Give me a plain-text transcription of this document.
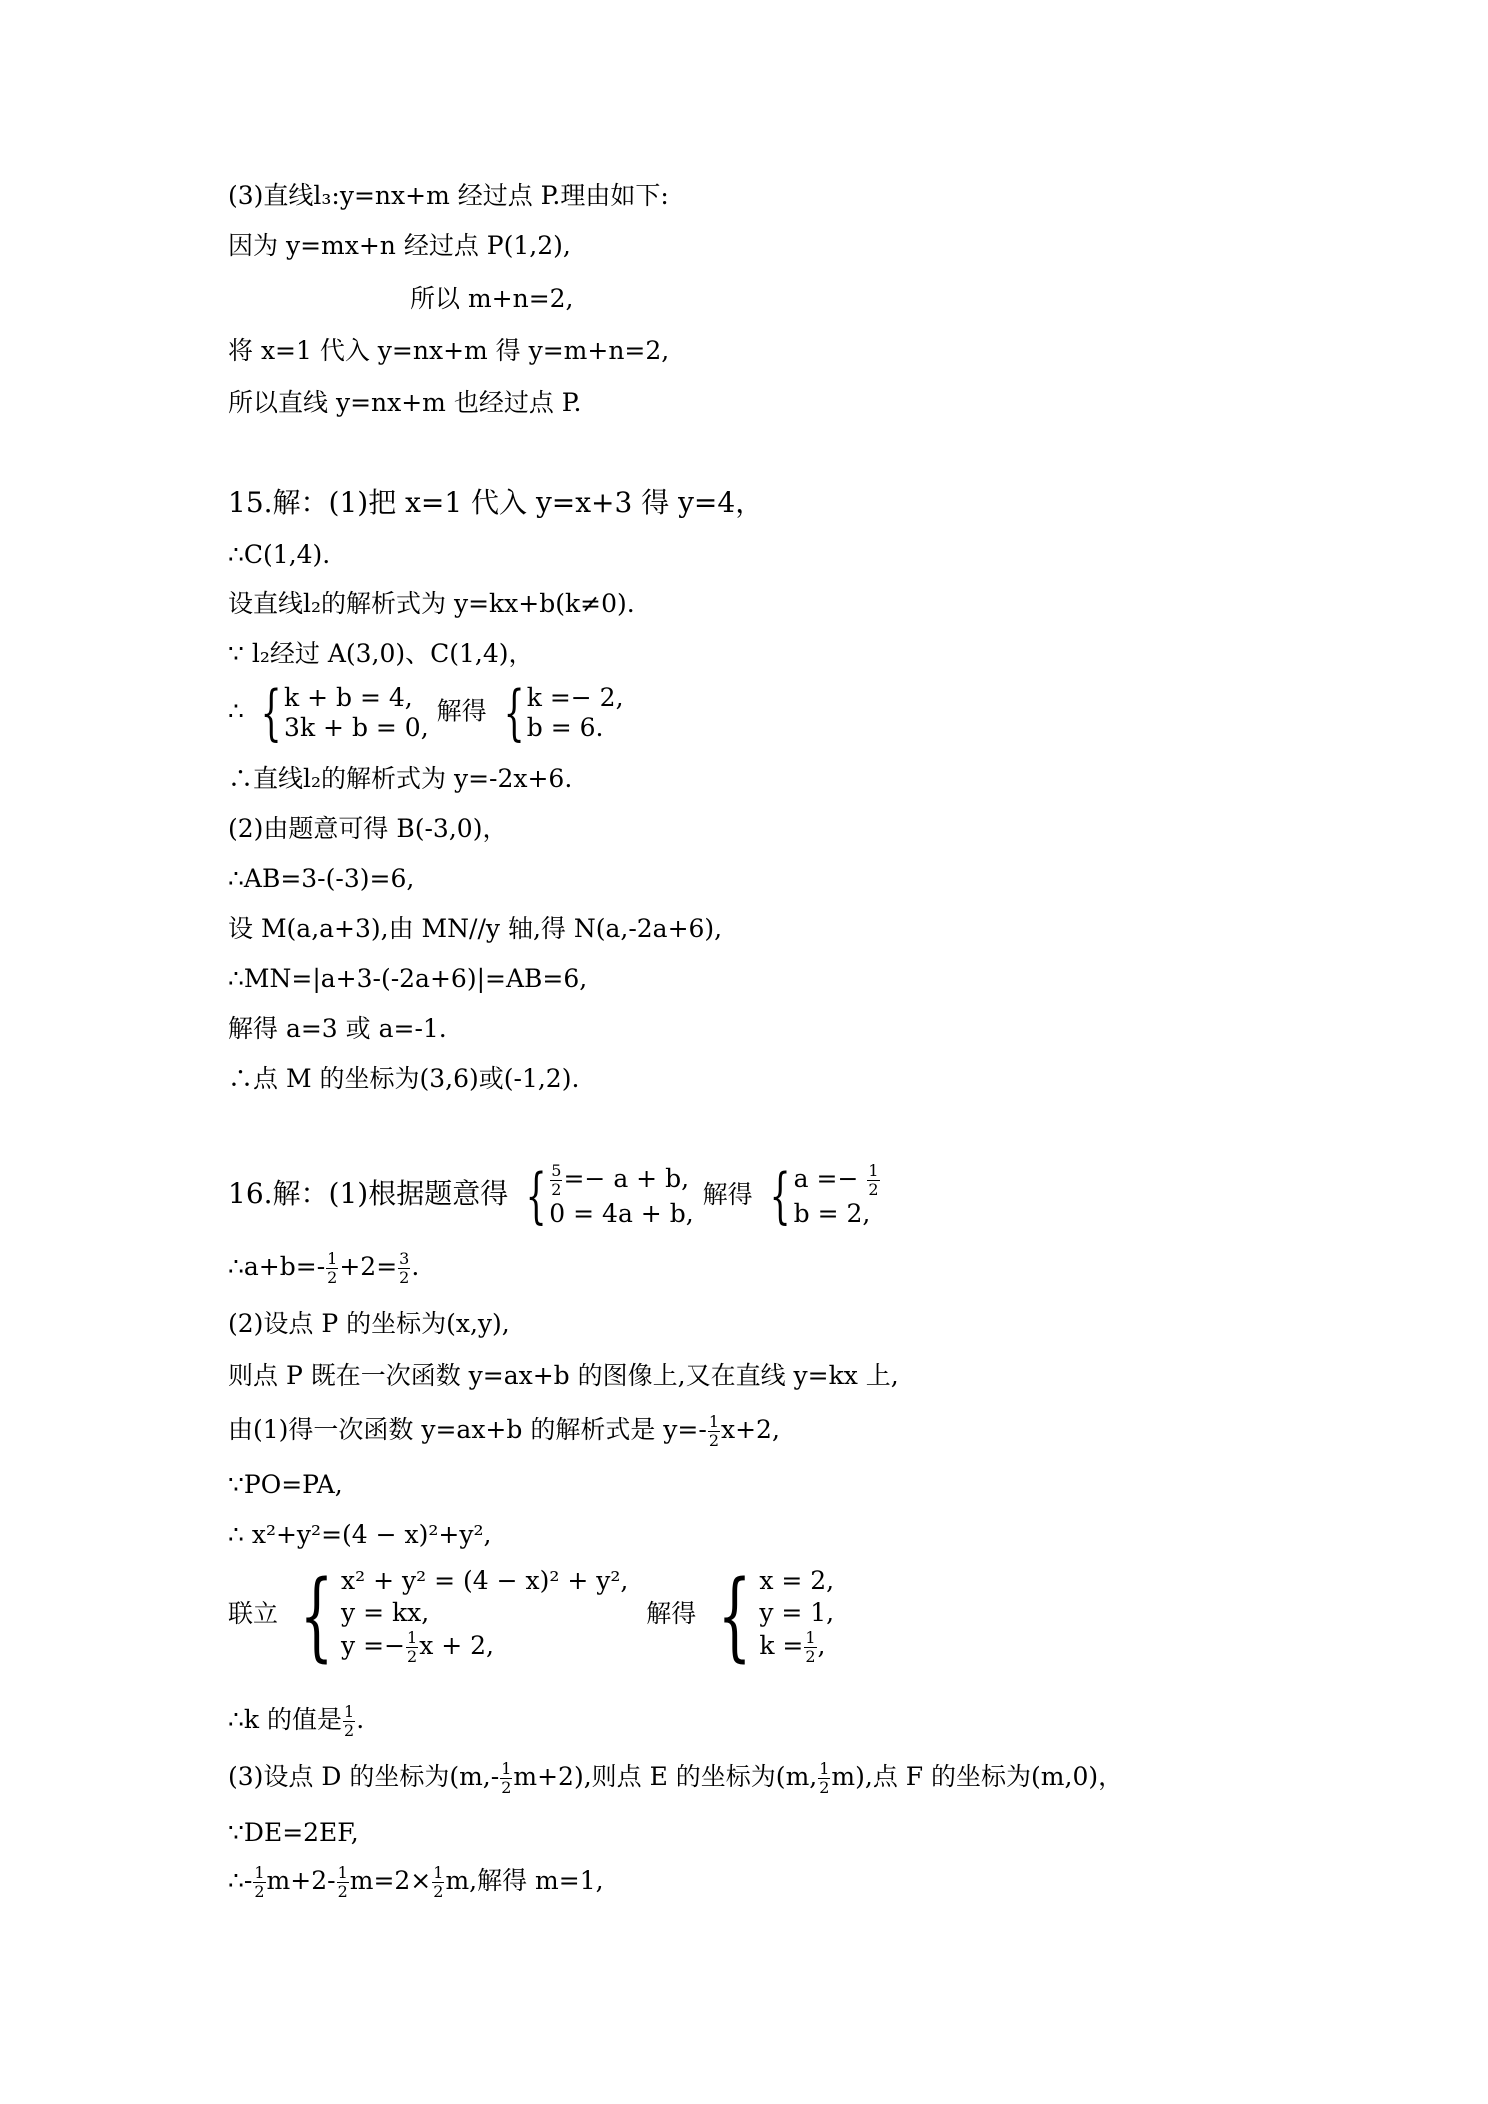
(3)直线l₃:y=nx+m 经过点 P.理由如下:
因为 y=mx+n 经过点 P(1,2),
所以 m+n=2,
将 x=1 代入 y=nx+m 得 y=m+n=2,
所以直线 y=nx+m 也经过点 P.
15.解：(1)把 x=1 代入 y=x+3 得 y=4，
∴C(1,4).
设直线l₂的解析式为 y=kx+b(k≠0).
∵ l₂经过 A(3,0)、C(1,4)，
∴ { k + b = 4,
3k + b = 0,
解得 { k =− 2,
b = 6.
∴直线l₂的解析式为 y=-2x+6.
(2)由题意可得 B(-3,0)，
∴AB=3-(-3)=6,
设 M(a,a+3),由 MN//y 轴,得 N(a,-2a+6),
∴MN=|a+3-(-2a+6)|=AB=6,
解得 a=3 或 a=-1.
∴点 M 的坐标为(3,6)或(-1,2).
16.解：(1)根据题意得 { $\frac{5}{2} =- a + b$,
0 = 4a + b,
解得 { $a =- \frac{1}{2}$
b = 2,
∴a+b=- $\frac{1}{2} +2= \frac{3}{2}$ .
(2)设点 P 的坐标为(x,y),
则点 P 既在一次函数 y=ax+b 的图像上,又在直线 y=kx 上,
由(1)得一次函数 y=ax+b 的解析式是 $y=- \frac{1}{2} x+2$,
∵PO=PA,
∴ x²+y²=(4 − x)²+y²,
联立 { x² + y² = (4 − x)² + y²,
y = kx,
$y =- \frac{1}{2}$ x + 2,
解得 { x = 2,
y = 1,
$k = \frac{1}{2}$ ,
∴k 的值是 $\frac{1}{2}$ .
(3)设点 D 的坐标为$(m,- \frac{1}{2} m+2)$,则点 E 的坐标为(m, $\frac{1}{2} m$),点 F 的坐标为(m,0)，
∵DE=2EF,
∴- $\frac{1}{2} m+2- \frac{1}{2} m=2\times \frac{1}{2} m$,解得 m=1,
